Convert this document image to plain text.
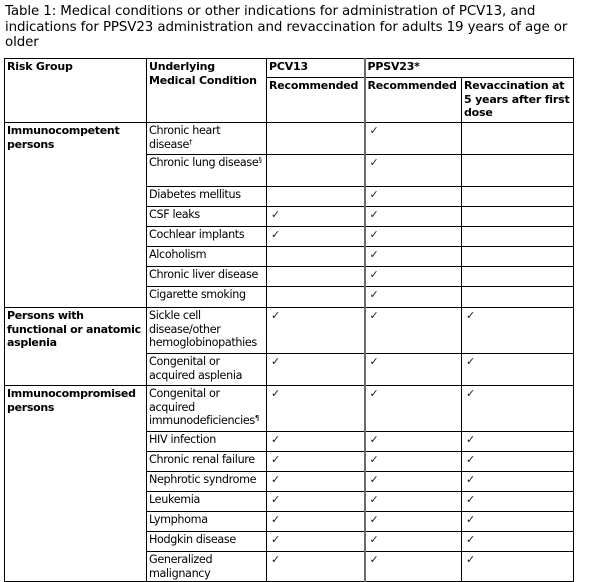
Table 1: Medical conditions or other indications for administration of PCV13, and indications for PPSV23 administration and revaccination for adults 19 years of age or older
Risk Group	Underlying Medical Condition	PCV13	PPSV23*	
		Recommended	Recommended	Revaccination at 5 years after first dose
Immunocompetent persons	Chronic heart disease†		✓	
	Chronic lung disease§		✓	
	Diabetes mellitus		✓	
	CSF leaks	✓	✓	
	Cochlear implants	✓	✓	
	Alcoholism		✓	
	Chronic liver disease		✓	
	Cigarette smoking		✓	
Persons with functional or anatomic asplenia	Sickle cell disease/other hemoglobinopathies	✓	✓	✓
	Congenital or acquired asplenia	✓	✓	✓
Immunocompromised persons	Congenital or acquired immunodeficiencies¶	✓	✓	✓
	HIV infection	✓	✓	✓
	Chronic renal failure	✓	✓	✓
	Nephrotic syndrome	✓	✓	✓
	Leukemia	✓	✓	✓
	Lymphoma	✓	✓	✓
	Hodgkin disease	✓	✓	✓
	Generalized malignancy	✓	✓	✓
